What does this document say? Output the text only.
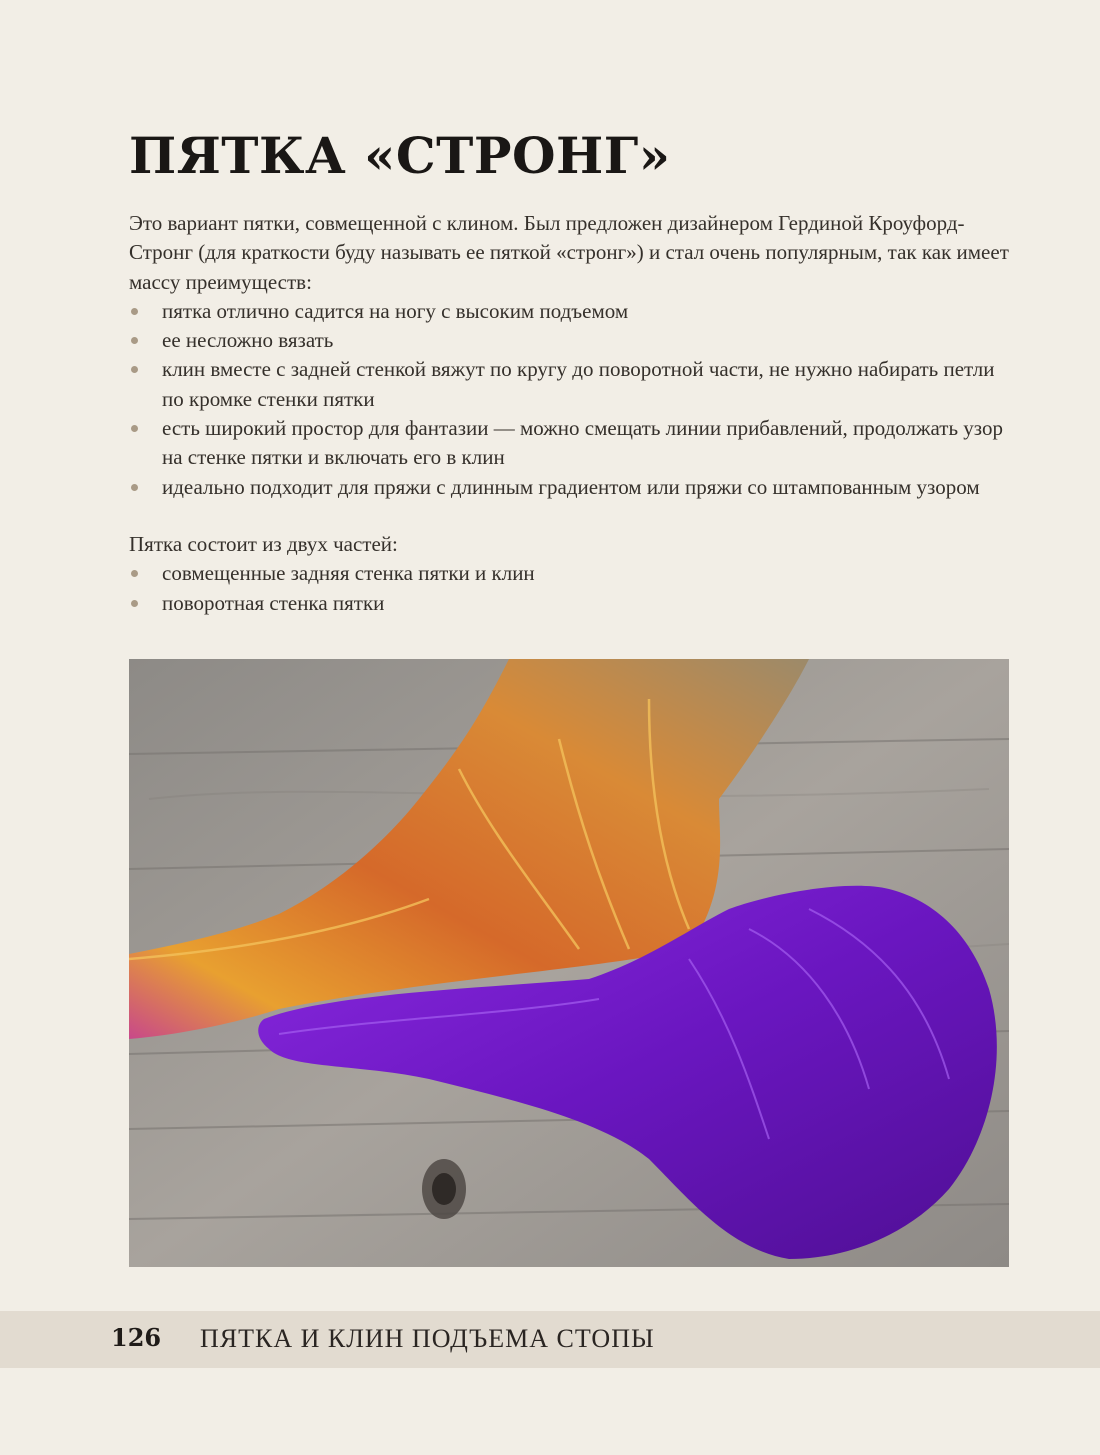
ПЯТКА «СТРОНГ»

Это вариант пятки, совмещенной с клином. Был предложен дизайнером Гердиной Кроуфорд-Стронг (для краткости буду называть ее пяткой «стронг») и стал очень популярным, так как имеет массу преимуществ:

пятка отлично садится на ногу с высоким подъемом
ее несложно вязать
клин вместе с задней стенкой вяжут по кругу до поворотной части, не нужно набирать петли по кромке стенки пятки
есть широкий простор для фантазии — можно смещать линии прибавлений, продолжать узор на стенке пятки и включать его в клин
идеально подходит для пряжи с длинным градиентом или пряжи со штампованным узором

Пятка состоит из двух частей:

совмещенные задняя стенка пятки и клин
поворотная стенка пятки
126 ПЯТКА И КЛИН ПОДЪЕМА СТОПЫ
